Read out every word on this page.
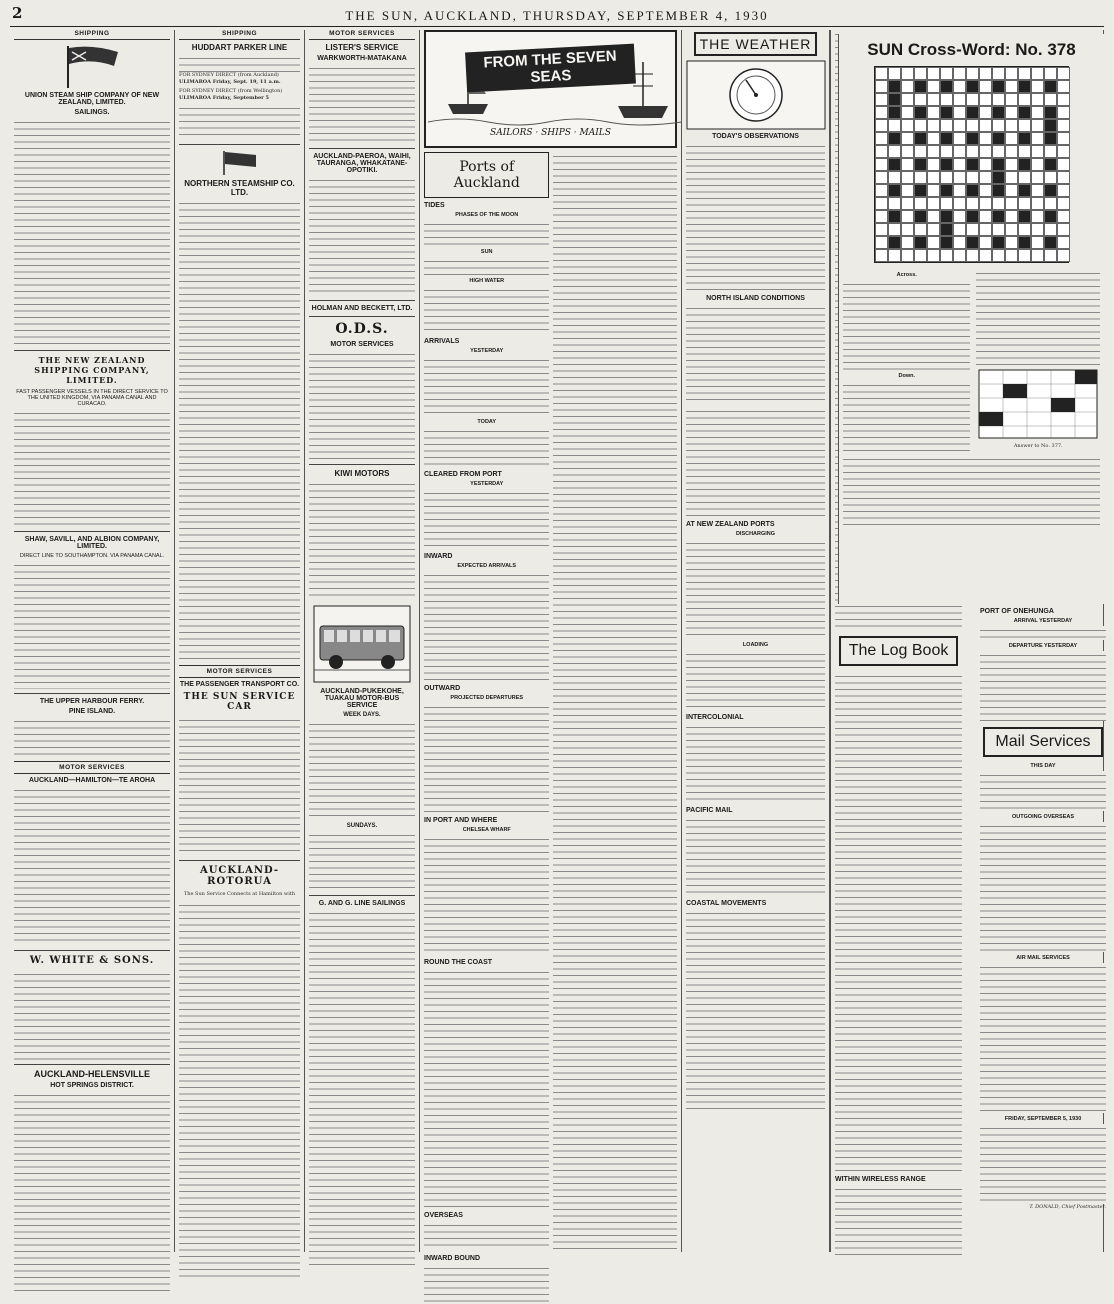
2	THE SUN, AUCKLAND, THURSDAY, SEPTEMBER 4, 1930
SHIPPING
UNION STEAM SHIP COMPANY OF NEW ZEALAND, LIMITED.
SAILINGS.
THE NEW ZEALAND SHIPPING COMPANY, LIMITED.
FAST PASSENGER VESSELS IN THE DIRECT SERVICE TO THE UNITED KINGDOM, VIA PANAMA CANAL AND CURACAO.
SHAW, SAVILL, AND ALBION COMPANY, LIMITED.
DIRECT LINE TO SOUTHAMPTON. VIA PANAMA CANAL.
THE UPPER HARBOUR FERRY.
PINE ISLAND.
MOTOR SERVICES
AUCKLAND—HAMILTON—TE AROHA
W. WHITE & SONS.
AUCKLAND-HELENSVILLE
HOT SPRINGS DISTRICT.
SHIPPING
HUDDART PARKER LINE
FOR SYDNEY DIRECT (from Auckland)
ULIMAROA Friday, Sept. 19, 11 a.m.
FOR SYDNEY DIRECT (from Wellington)
ULIMAROA Friday, September 5
NORTHERN STEAMSHIP CO. LTD.
MOTOR SERVICES
THE PASSENGER TRANSPORT CO.
THE SUN SERVICE CAR
AUCKLAND-ROTORUA
The Sun Service Connects at Hamilton with
MOTOR SERVICES
LISTER'S SERVICE
WARKWORTH-MATAKANA
AUCKLAND-PAEROA, WAIHI, TAURANGA, WHAKATANE-OPOTIKI.
HOLMAN AND BECKETT, LTD.
O.D.S.
MOTOR SERVICES
KIWI MOTORS
AUCKLAND-PUKEKOHE, TUAKAU MOTOR-BUS SERVICE
WEEK DAYS.
SUNDAYS.
G. AND G. LINE SAILINGS
FROM THE SEVEN SEAS
SAILORS · SHIPS · MAILS
Ports of Auckland
TIDES
PHASES OF THE MOON
SUN
HIGH WATER
ARRIVALS
YESTERDAY
TODAY
CLEARED FROM PORT
YESTERDAY
INWARD
EXPECTED ARRIVALS
OUTWARD
PROJECTED DEPARTURES
IN PORT AND WHERE
CHELSEA WHARF
ROUND THE COAST
OVERSEAS
INWARD BOUND
THE WEATHER
TODAY'S OBSERVATIONS
NORTH ISLAND CONDITIONS
AT NEW ZEALAND PORTS
DISCHARGING
LOADING
INTERCOLONIAL
PACIFIC MAIL
COASTAL MOVEMENTS
The Log Book
WITHIN WIRELESS RANGE
SUN Cross-Word: No. 378
Across.
Down.
Answer to No. 377.
PORT OF ONEHUNGA
ARRIVAL YESTERDAY
DEPARTURE YESTERDAY
Mail Services
THIS DAY
OUTGOING OVERSEAS
AIR MAIL SERVICES
FRIDAY, SEPTEMBER 5, 1930
T. DONALD, Chief Postmaster.
